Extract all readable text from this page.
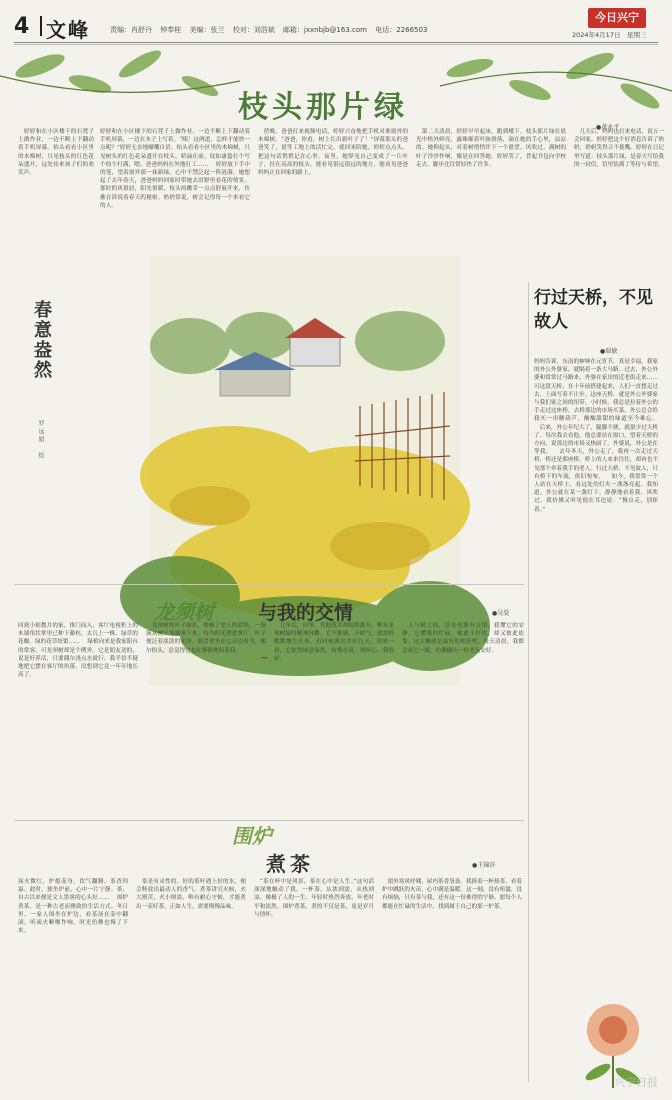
4 文峰	责编：肖舒丹 钟奉桂 美编：张兰 校对：刘浩斌 邮箱：jxxnbjb@163.com 电话：2266503
今日兴宁
2024年4月17日　星期三
枝头那片绿
●黄永平
婷婷和在小区楼下的石凳子上做作业，一边不断上下翻动着手机屏幕，一边在本子上写着。“咦！这两道，怎样才能快一点呢？”婷婷无奈地嘟囔自语。抬头看看小区里的木棉树，只见树头的红色花朵盛开在枝头，娇滴在前，纹如蛊蛰打个写个的个打满，嗯。爸爸妈妈在外地打工…… 　婷婷放下手中的笔，望着窗外那一抹新绿，心中不禁泛起一阵涟漪。她想起了去年春天，爸爸妈妈回家时带她去田野里看花的情景。那时的风很轻，阳光很暖，枝头的嫩芽一点点舒展开来，仿佛在诉说着春天的秘密。奶奶常说，树会记得每一个来看它的人。
　傍晚，爸爸打来视频电话，婷婷兴奋地把手机对准窗外的木棉树。“爸爸，你看，树上长出新叶子了！”屏幕那头的爸爸笑了，说等工地上的活忙完，就回来陪她。婷婷点点头，把这句话悄悄记在心里。夜里，她梦见自己变成了一片叶子，挂在高高的枝头，能看见很远很远的地方，能看见爸爸妈妈正在回家的路上。
　第二天清晨，婷婷早早起床，跑到楼下。枝头那片绿在晨光中格外鲜亮，露珠顺着叶脉滑落，滴在她的手心里，凉凉的。她仰起头，对着树悄悄许下一个愿望。风吹过，满树的叶子沙沙作响，像是在回答她。婷婷笑了，背起书包向学校走去，脚步比往常轻快了许多。
　几天后，妈妈也打来电话，说五一会回家。婷婷把这个好消息告诉了奶奶，奶奶笑得合不拢嘴。婷婷在日记里写道：枝头那片绿，是春天写给我的一封信，信里装满了等待与希望。
春意盎然
罗远娟　绘
　婷婷和在小区楼下的石凳子上做作业，一边不断上下翻动着手机屏幕。抬头看看小区里的木棉树，只见枝头的红色花朵盛开，远处传来孩子们的欢笑声。
~
行过天桥，不见故人
●瑞敏
妈妈告诉，东南的婶婶在元宵节，真是幸福。我家的外公外婆家，就隔着一条大马路。过去，外公外婆和常常过马路来，外婆在家房的近老街走来…… 　可这段天桥，在十年前搭建起来，人们一直想走过去，上面写着不让步。这座天桥，就是外公外婆家与我们家之间的纽带。小时候，我总是拉着外公的手走过这座桥，去桥那边的市场买菜。外公总会给我买一串糖葫芦，酸酸甜甜的味道至今难忘。 　后来，外公年纪大了，腿脚不便，就很少过天桥了。每次我去看他，他总要站在窗口，望着天桥的方向，说那边的市场又热闹了。外婆说，外公是在等我。 　去年冬天，外公走了。我再一次走过天桥，桥还是那座桥，桥上的人来来往往，却再也不见那个牵着我手的老人。行过天桥，不见故人，只有桥下的车流，依旧匆匆。 　如今，我常常一个人站在天桥上，看远处的灯火一盏盏亮起。我知道，外公就在某一盏灯下，静静地看着我。风吹过，我仿佛又听见他在耳边说：“慢点走，别摔着。”
龙须树 与我的交情	●吴晏
回到小则教月的家，推门而入，客厅电视柜上的木墙角状掌里已种下藤柱，太几上一株、绿草的花瓣，绿的花草纷繁…… 　绿植向来是我家阳台的常客，可龙须树却是个例外。它是朋友送的，说是好养活，只要偶尔浇点水就行。我半信半疑地把它摆在客厅的角落，没想到它竟一年年地长高了。
　龙须树的叶子细长，像极了老人的胡须，一簇簇从树干顶端垂下来。每当阳光照进客厅，叶子便泛着淡淡的光泽。我喜欢坐在它旁边看书，偶尔抬头，总觉得它也在静静地陪着我。
　几年后，同事、其他花卉却陆续离开，唯有龙须树始终精神抖擞。它不挑剔，不娇气，就那样默默地生长着。有时候我出差好几天，回来一看，它依然绿意盎然，仿佛在说：别担心，我很好。
　人与树之间，原来也能有交情。我懂它的安静，它懂我的忙碌。彼此不打扰，却又彼此依靠。这大概就是最好的相处吧。每天清晨，我都会看它一眼，仿佛确认一位老友安好。
围炉
煮茶	●王锦莎
炭火微红，炉熄壶身，饮气翻腾，茶香四溢。此时，独坐炉前，心中一片宁静。茶，自古以来便是文人墨客的心头好…… 　围炉煮茶，是一种古老而雅致的生活方式。冬日里，一家人围坐在炉边，看茶汤在壶中翻滚，听炭火噼啪作响，时光仿佛也慢了下来。
　茶是有灵性的。好的茶叶遇上好的水，便会释放出最动人的香气。煮茶讲究火候，火大则苦，火小则淡，唯有耐心守候，才能煮出一壶好茶。正如人生，需要慢慢品味。
　“茶在杯中是风景，茶在心中是人生。”这句话深深地触动了我。一杯茶，从浓到淡，从热到凉，像极了人的一生。年轻时热烈奔放，年老时平和淡然。围炉煮茶，煮的不仅是茶，更是岁月与情怀。
　窗外寒风呼啸，屋内茶香袅袅。我捧着一杯热茶，看着炉中跳跃的火苗，心中满是温暖。这一刻，没有喧嚣，没有烦恼，只有茶与我，还有这一份难得的宁静。愿每个人都能在忙碌的生活中，找到属于自己的那一炉茶。
兴宁日报
